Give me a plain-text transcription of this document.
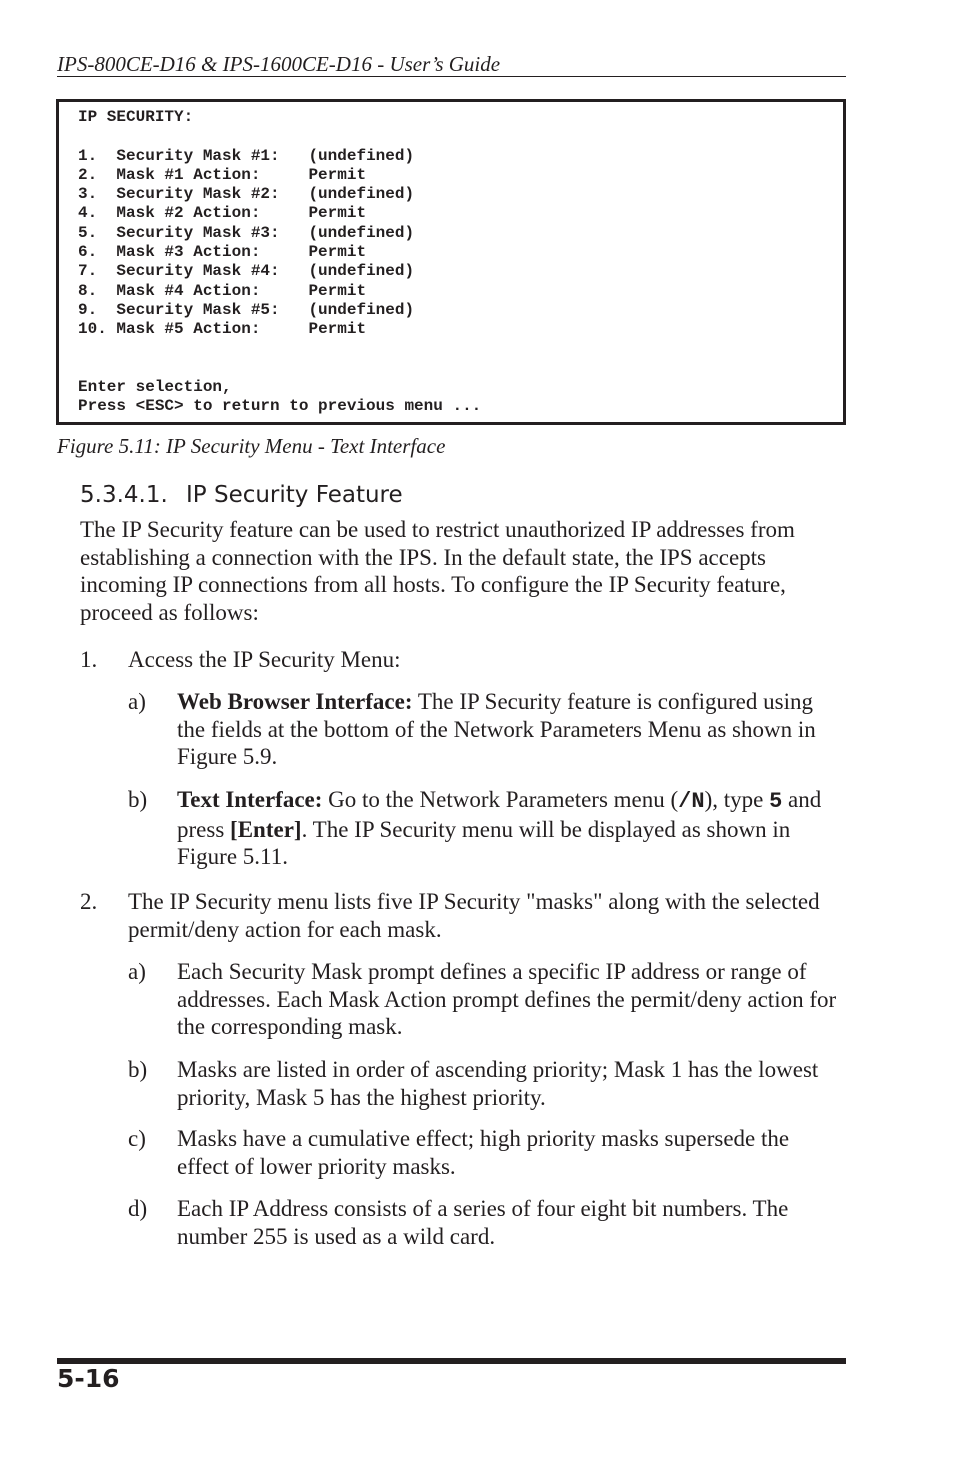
IPS-800CE-D16 & IPS-1600CE-D16 - User’s Guide
IP SECURITY:

1. Security Mask #1: (undefined)
2. Mask #1 Action:	Permit
3. Security Mask #2: (undefined)
4. Mask #2 Action:	Permit
5. Security Mask #3: (undefined)
6. Mask #3 Action:	Permit
7. Security Mask #4: (undefined)
8. Mask #4 Action:	Permit
9. Security Mask #5: (undefined)
10. Mask #5 Action:	Permit

Enter selection,
Press <ESC> to return to previous menu ...
Figure 5.11: IP Security Menu - Text Interface
5.3.4.1. IP Security Feature
The IP Security feature can be used to restrict unauthorized IP addresses from establishing a connection with the IPS. In the default state, the IPS accepts incoming IP connections from all hosts. To configure the IP Security feature, proceed as follows:
1. Access the IP Security Menu:
a) Web Browser Interface: The IP Security feature is configured using the fields at the bottom of the Network Parameters Menu as shown in Figure 5.9.
b) Text Interface: Go to the Network Parameters menu (/N), type 5 and press [Enter]. The IP Security menu will be displayed as shown in Figure 5.11.
2. The IP Security menu lists five IP Security "masks" along with the selected permit/deny action for each mask.
a) Each Security Mask prompt defines a specific IP address or range of addresses. Each Mask Action prompt defines the permit/deny action for the corresponding mask.
b) Masks are listed in order of ascending priority; Mask 1 has the lowest priority, Mask 5 has the highest priority.
c) Masks have a cumulative effect; high priority masks supersede the effect of lower priority masks.
d) Each IP Address consists of a series of four eight bit numbers. The number 255 is used as a wild card.
5-16
